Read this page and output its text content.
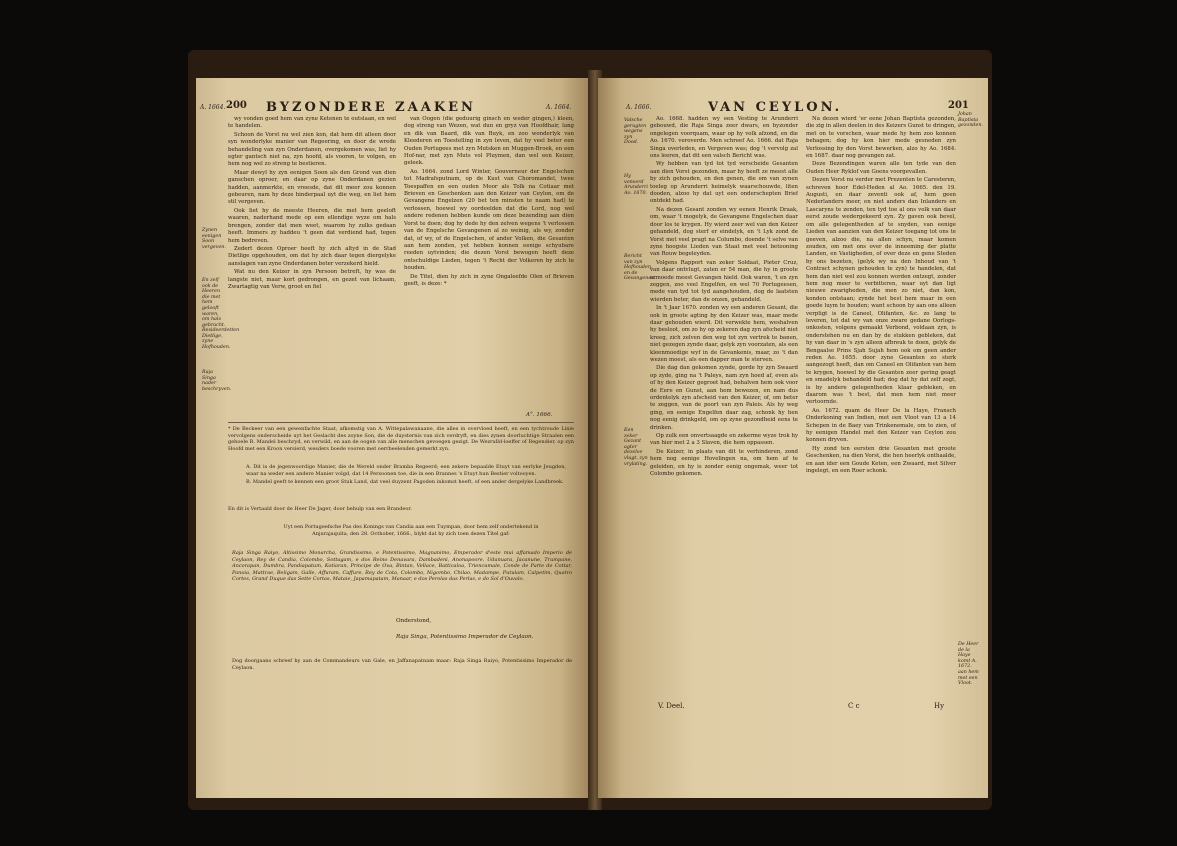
A. 1664. 200 BYZONDERE ZAAKEN	A. 1664.
Zynen eenigen Soon vergeven.
En zelf ook de Heeren die met hem gelooft waren, om hals gebracht.
Resideerdetten Dietlige, zyne Hofhouden.
Raja Singa nader beschryven.

wy vonden goed hem van zyne Ketenen te outslaan, en wel te handelen.

Schoon de Vorst nu wel zien kon, dat hem dit alleen door syn wonderlyke manier van Regeering, en door de wrede behandeling van zyn Onderdanen, overgekomen was, liet hy egter gantsch niet na, zyn hoofd, als vooren, te volgen, en hem nog wel zo streng te bestieren.

Maar dewyl hy zyn eenigen Soon als den Grond van dien ganschen oproer, en daar op zyne Onderdanen gezien hadden, aanmerkte, en vreesde, dat dit meer zou konnen gebeuren, nam hy deze hinderpaal uyt die weg, en liet hem stil vergeven.

Ook liet hy de meeste Heeren, die met hem geeloft waaren, naderhand mede op een ellendige wyze om hals brengen, zonder dat men weet, waarom hy zulks gedaan heeft. Immers zy haddeu 't geen dat verdiend had, tegen hem bedreven.

Zedert dezen Oproer heeft hy zich altyd in de Stad Dietlige opgehouden, om dat hy zich daar tegen diergelyke aanslagen van zyne Onderdanen beter verzekerd hield.

Wat nu den Keizer in zyn Persoon betreft, hy was de langste niet, maar kort gedrongen, en gezet van lichaam, Zwartagtig van Verw, groot en fiel

van Oogen (die geduurig ginsch en weder gingen,) kleen, dog streng van Wezen, wat dun en gryz van Hoofdhair, lang en dik van Baard, dik van Buyk, en zoo wonderlyk van Kleederen en Toestelling in zyn leven, dat hy veel beter een Ouden Portugees met zyn Mutsken en Muggen-Broek, en een Hof-nar, met zyn Muts vol Pluymen, dan wel een Keizer, geleek.

Ao. 1664. zond Lord Winter, Gouverneur der Engelschen tot Madrafsputnam, op de Kust van Choromandel, twee Toespaffen en een ouden Moor als Tolk na Cotiaar met Brieven en Geschenken aan den Keizer van Ceylon, om de Gevangene Engelzen (20 bet ten minsten te naam had) te verlossen, hoewel wy oordeelden dat die Lord, nog wel andere redenen hebben kunde om deze bezending aan dien Vorst te doen; dog hy dede hy den zelven wegens 't verlossen van de Engelsche Gevangenen al zo weinig, als wy, zonder dat, of wy, of de Engelschen, of ander Volken, die Gesanten aan hem zonden, yet hebben konnen eenige schyubare reeden uytvinden; die dezen Vorst bewogen heeft deze ontschuldige Lieden, tegen 't Recht der Volkeren by zich te houden.

De Titel, dien hy zich in zyne Ongaleefde Olen of Brieven geeft, is deze: *

A°. 1666.

* De Beckeer van een gewenfachte Staat, afkomstig van A. Wittepalawanaane, die alles in overvloed heeft, en een tychtroude Linie vervolgens onderscheide uyt het Geslacht des zoyne Son, die de duysternis van zich verdryft, en dies zynen doorluchtige Straalen een gehoele R. Mandel beschryd, en verwild, en aan de oogen van alle menschen gevoegen gezigt. De Wezrulld-loeffer of Regendier, op zyn Hoofd met een Kroon versierd, wesders boede vooren met oerrbeelenden gemerkt zyn.

A. Dit is de jegenwoordige Manier, die de Wereld onder Bramba Regeerd; een zekere bepaalde Etuyt van eerlyke Jeugden, waar na weder een andere Manier volgd, dat 14 Persoonen toe, die in een Brannes 's Etuyt hun Bestier voltooyen.

B. Mandel geeft te kennen een groot Stuk Land, dat veel duyzent Pagoden inkomst heeft, of een ander dergelyke Landbreek.

En dit is Vertaald door de Heer De Jager, door behulp van een Brandeor.
Uyt een Portugeefsche Pas des Konings van Candia aan een Tuympan, door hem zelf ondertekend in Anjurajaquita, den 28. Octhober, 1666., blykt dat hy zich toen dezen Titel gaf:
Raja Singa Raiyo, Altissimo Monarcha, Grandissimo, e Potentissimo, Magnanimo, Emperador d'este mui affamado Imperio de Ceylaon, Rey de Candia, Colombo, Sottagam, e dos Reino Denavara, Dambadeni, Anonapoore, Udanuara, Jacanune, Trumpane, Ancorapan, Dumbra, Pandiapatum, Kotiaran, Principe de Ova, Bintan, Vellace, Batticaloa, Triencumale, Conde de Parte de Cottar, Panoia, Mattrae, Beligam, Galle, Affuram, Caffure, Rey de Cota, Colombo, Nigombo, Chilao, Madampe, Putulam, Calpetim, Quatro Cortes, Grand Duque das Sette Cortas, Mataie, Japamapatam, Manaar, e dos Perolas das Perlas, e do Sol d'Ouvalo.
Onderstond,
Raja Singa, Potentissimo Imperador de Ceylaon.
Dog doorgaans schreef hy aan de Commandeurs van Gale, en Jaffanapatnam maar: Raja Singa Raiyo, Potentissimo Imperador de Ceylaon.
A. 1666.	VAN CEYLON.	201
Valsche gerugten wegens zyn Dood.
Hy vonverd Arunderri Ao. 1670.
Bericht van zyn Hofhouden, en de Gevangenen.
Een zeker Gezant agter dezelve vlugt, zyn vrylating.
Johan Baptista gezonden.
De Heer de la Haye komt A. 1672. aan hem met een Vloot.

Ao. 1668. hadden wy een Vesting te Arunderri gebouwd, die Raja Singa zeer dwars, en byzonder ongelegen voorquam, waar op hy volk afzond, en die Ao. 1670. veroverde. Men schreef Ao. 1666. dat Raja Singa overleden, en Vergeven was; dog 't vervolg zal ons leeren, dat dit een valsch Bericht was.

Wy hebben van tyd tot tyd verscheide Gesanten aan dien Vorst gezonden, maar hy heeft ze meest alle by zich gehouden, en den genen, die om van zynen toeleg op Arunderri heimelyk waarschouwde, liten dooden, alzoo hy dat uyt een onderschepten Brief ontdekt had.

Na dezen Gesant zonden wy eenen Henrik Draak, om, waar 't mogelyk, de Gevangene Engelschen daar door los te krygen. Hy wierd zeer wel van den Keizer gehandeld, dog sterf er eindelyk, en 't Lyk zond de Vorst met veel pragt na Columbo, doende 't selve van zyne hoogste Lieden van Staat met veel betooning van Rouw begeleyden.

Volgens Rapport van zeker Soldaat, Pieter Cruz, van daar ontvlugt, zaten er 54 man, die hy in groote armoede meest Gevangen hield. Ook waren, 't en zyn zeggen, zoo veel Engelfen, en wel 70 Portugeesen, mede van tyd tot tyd aangehouden, dog de laatsten wierden beter, dan de onzen, gehandeld.

In 't Jaar 1670. zonden wy een anderen Gesant, die ook in groote agting by den Keizer was, maar mede daar gehouden wierd. Dit verwekte hem, weshalven hy besloot, om zo hy op zekeren dag zyn afscheid niet kreeg, zich zelven den weg tot zyn vertrek te banen, niet gezegen zynde daar, gelyk zyn voorzaten, als een kleenmoedige wyf in de Gevankenis, maar, zo 't dan wezen moest, als een dapper man te sterven.

Die dag dan gekomen zynde, gorde hy zyn Swaard op zyde, ging na 't Paleys, nam zyn hoed af, even als of hy den Keizer gegroet had, behalven hem ook voor de Eere en Gunst, aan hem bewezen, en nam dus ordentelyk zyn afscheid van den Keizer, of, om beter te zeggen, van de poort van zyn Paleis. Als hy weg ging, en eenige Engelfen daar zag, schonk hy hen nog eenig drinkgeld, om op zyne gezondheid eens te drinken.

Op zulk een onvertsaagde en zekerme wyze trok hy van hier met 2 a 3 Slaven, die hem oppassen.

De Keizer, in plaats van dit te verhinderen, zond hem nog eenige Hovelingen na, om hem af te geleiden, en hy is zonder eenig ongemak, weer tot Colombo gekomen.

Na dezen wierd 'er eene Johan Baptista gezonden, die zig in allen deelen in des Keizers Gunst te dringen, met on te vorschen, waar mede hy hem zoo konnen behagen; dog hy kon hier mede gesneden zyn Verlossing by den Vorst bewerken, alzo hy Ao. 1684. en 1687. daar nog gevangen zat.

Deze Bezendingen waren alle ten tyde van den Ouden Heer Ryklof van Goens voorgevallen.

Dezen Vorst nu verder met Prezenten te Caresteren, schreven hoor Edel-Heden al Ao. 1665. den 19. Augusti, en daar zeventi ook af, hem geen Nederlanders meer, en niet anders dan Inlanders en Lascaryns te zenden, ten tyd toe al ons volk van daar eerst zoude wedergekeerd zyn. Zy gaven ook bevel, om alle gelegentheden af te snyden, van eenige Lieden van aanzien van den Keizer toegang tot ons te geeven, alzoo die, na allen schyn, maar komen zouden, om met ons over de inneeming der platte Landen, en Vastigheden, of over deze en gene Steden by ons bezeten, (gelyk wy na den Inhoud van 't Contract schynen gehouden te zyn) te handelen, dat hem dan niet wel zou konnen worden ontzegt, zonder hem nog meer te verbitteren, waar uyt dan ligt nieuwe zwarigheden, die men zo niet, dan kon, konden ontstaan; zynde het best hem maar in een goede luym te houden; want schoon hy aan ons alleen verpligt is de Caneel, Olifanten, &c. zo lang te leveren, tot dat wy van onze zware gedane Oorlogs-onkosten, volgens gemaakt Verbond, voldaan zyn, is onderstehen nu en dan by de stukken gebleken, dat hy van daar in 's zyn alleen afbreuk te doen, gelyk de Bengaalse Prins Sjah Sujah hem ook om geen ander reden Ao. 1655. door zyne Gesanten zo sterk aangezogt heeft, dan om Caneel en Olifanten van hem te krygen, hoewel hy die Gesanten zeer gering geagt en smadelyk behandeld had; dog dat hy dat zelf zogt, is by andere gelegentheden klaar gebleken, en daarom was 't best, dat men hem niet meer vertoornde.

Ao. 1672. quam de Heer De la Haye, Fransch Onderkoning van Indien, met een Vloot van 13 a 14 Schepen in de Baey van Trinkenemale, om te zien, of hy eenigen Handel met den Keizer van Ceylon zou konnen dryven.

Hy zond ten eersten drie Gesanten met groote Geschenken, na dien Vorst, die hen heerlyk onthaalde, en aan ider een Goude Keten, een Zwaard, met Silver ingelegt, en een Roer schonk.

V. Deel.	C c	Hy
